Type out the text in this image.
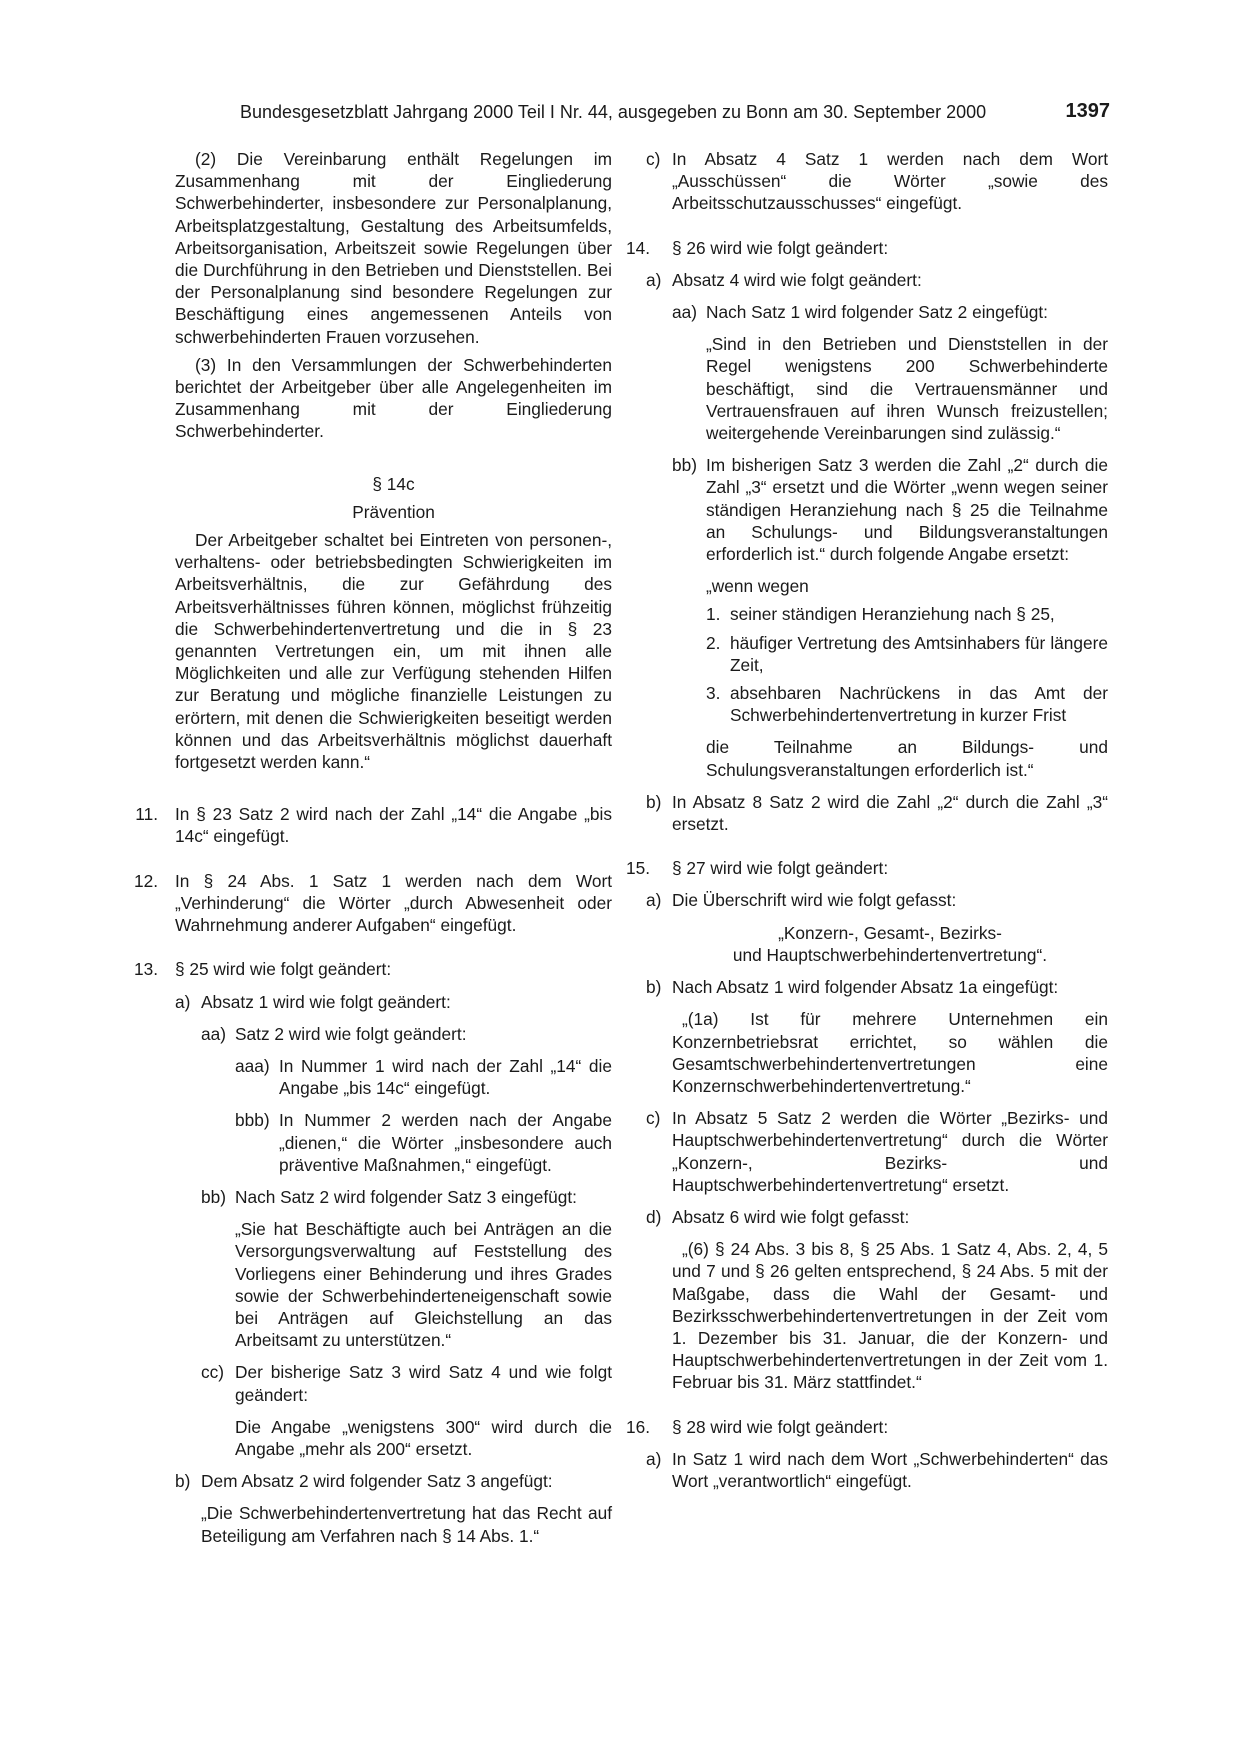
Bundesgesetzblatt Jahrgang 2000 Teil I Nr. 44, ausgegeben zu Bonn am 30. September 2000	1397

(2) Die Vereinbarung enthält Regelungen im Zusammenhang mit der Eingliederung Schwerbehinderter, insbesondere zur Personalplanung, Arbeitsplatzgestaltung, Gestaltung des Arbeitsumfelds, Arbeitsorganisation, Arbeitszeit sowie Regelungen über die Durchführung in den Betrieben und Dienststellen. Bei der Personalplanung sind besondere Regelungen zur Beschäftigung eines angemessenen Anteils von schwerbehinderten Frauen vorzusehen.

(3) In den Versammlungen der Schwerbehinderten berichtet der Arbeitgeber über alle Angelegenheiten im Zusammenhang mit der Eingliederung Schwerbehinderter.

§ 14c

Prävention

Der Arbeitgeber schaltet bei Eintreten von personen-, verhaltens- oder betriebsbedingten Schwierigkeiten im Arbeitsverhältnis, die zur Gefährdung des Arbeitsverhältnisses führen können, möglichst frühzeitig die Schwerbehindertenvertretung und die in § 23 genannten Vertretungen ein, um mit ihnen alle Möglichkeiten und alle zur Verfügung stehenden Hilfen zur Beratung und mögliche finanzielle Leistungen zu erörtern, mit denen die Schwierigkeiten beseitigt werden können und das Arbeitsverhältnis möglichst dauerhaft fortgesetzt werden kann.“

11. In § 23 Satz 2 wird nach der Zahl „14“ die Angabe „bis 14c“ eingefügt.
12. In § 24 Abs. 1 Satz 1 werden nach dem Wort „Verhinderung“ die Wörter „durch Abwesenheit oder Wahrnehmung anderer Aufgaben“ eingefügt.
13. § 25 wird wie folgt geändert:
a) Absatz 1 wird wie folgt geändert:
aa) Satz 2 wird wie folgt geändert:
aaa) In Nummer 1 wird nach der Zahl „14“ die Angabe „bis 14c“ eingefügt.
bbb) In Nummer 2 werden nach der Angabe „dienen,“ die Wörter „insbesondere auch präventive Maßnahmen,“ eingefügt.
bb) Nach Satz 2 wird folgender Satz 3 eingefügt:

„Sie hat Beschäftigte auch bei Anträgen an die Versorgungsverwaltung auf Feststellung des Vorliegens einer Behinderung und ihres Grades sowie der Schwerbehinderteneigenschaft sowie bei Anträgen auf Gleichstellung an das Arbeitsamt zu unterstützen.“

cc) Der bisherige Satz 3 wird Satz 4 und wie folgt geändert:

Die Angabe „wenigstens 300“ wird durch die Angabe „mehr als 200“ ersetzt.

b) Dem Absatz 2 wird folgender Satz 3 angefügt:

„Die Schwerbehindertenvertretung hat das Recht auf Beteiligung am Verfahren nach § 14 Abs. 1.“

c) In Absatz 4 Satz 1 werden nach dem Wort „Ausschüssen“ die Wörter „sowie des Arbeitsschutzausschusses“ eingefügt.
14. § 26 wird wie folgt geändert:
a) Absatz 4 wird wie folgt geändert:
aa) Nach Satz 1 wird folgender Satz 2 eingefügt:

„Sind in den Betrieben und Dienststellen in der Regel wenigstens 200 Schwerbehinderte beschäftigt, sind die Vertrauensmänner und Vertrauensfrauen auf ihren Wunsch freizustellen; weitergehende Vereinbarungen sind zulässig.“

bb) Im bisherigen Satz 3 werden die Zahl „2“ durch die Zahl „3“ ersetzt und die Wörter „wenn wegen seiner ständigen Heranziehung nach § 25 die Teilnahme an Schulungs- und Bildungsveranstaltungen erforderlich ist.“ durch folgende Angabe ersetzt:

„wenn wegen

1. seiner ständigen Heranziehung nach § 25,
2. häufiger Vertretung des Amtsinhabers für längere Zeit,
3. absehbaren Nachrückens in das Amt der Schwerbehindertenvertretung in kurzer Frist

die Teilnahme an Bildungs- und Schulungsveranstaltungen erforderlich ist.“

b) In Absatz 8 Satz 2 wird die Zahl „2“ durch die Zahl „3“ ersetzt.
15. § 27 wird wie folgt geändert:
a) Die Überschrift wird wie folgt gefasst:

„Konzern-, Gesamt-, Bezirks-

und Hauptschwerbehindertenvertretung“.

b) Nach Absatz 1 wird folgender Absatz 1a eingefügt:

„(1a) Ist für mehrere Unternehmen ein Konzernbetriebsrat errichtet, so wählen die Gesamtschwerbehindertenvertretungen eine Konzernschwerbehindertenvertretung.“

c) In Absatz 5 Satz 2 werden die Wörter „Bezirks- und Hauptschwerbehindertenvertretung“ durch die Wörter „Konzern-, Bezirks- und Hauptschwerbehindertenvertretung“ ersetzt.
d) Absatz 6 wird wie folgt gefasst:

„(6) § 24 Abs. 3 bis 8, § 25 Abs. 1 Satz 4, Abs. 2, 4, 5 und 7 und § 26 gelten entsprechend, § 24 Abs. 5 mit der Maßgabe, dass die Wahl der Gesamt- und Bezirksschwerbehindertenvertretungen in der Zeit vom 1. Dezember bis 31. Januar, die der Konzern- und Hauptschwerbehindertenvertretungen in der Zeit vom 1. Februar bis 31. März stattfindet.“

16. § 28 wird wie folgt geändert:
a) In Satz 1 wird nach dem Wort „Schwerbehinderten“ das Wort „verantwortlich“ eingefügt.
